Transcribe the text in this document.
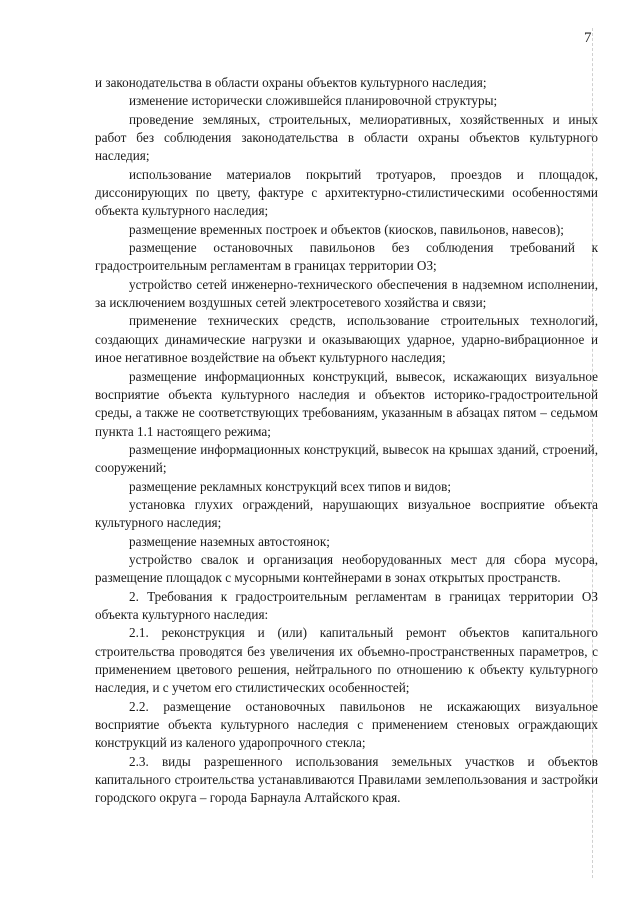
7

и законодательства в области охраны объектов культурного наследия;

изменение исторически сложившейся планировочной структуры;

проведение земляных, строительных, мелиоративных, хозяйственных и иных работ без соблюдения законодательства в области охраны объектов культурного наследия;

использование материалов покрытий тротуаров, проездов и площадок, диссонирующих по цвету, фактуре с архитектурно-стилистическими особенностями объекта культурного наследия;

размещение временных построек и объектов (киосков, павильонов, навесов);

размещение остановочных павильонов без соблюдения требований к градостроительным регламентам в границах территории ОЗ;

устройство сетей инженерно-технического обеспечения в надземном исполнении, за исключением воздушных сетей электросетевого хозяйства и связи;

применение технических средств, использование строительных технологий, создающих динамические нагрузки и оказывающих ударное, ударно-вибрационное и иное негативное воздействие на объект культурного наследия;

размещение информационных конструкций, вывесок, искажающих визуальное восприятие объекта культурного наследия и объектов историко-градостроительной среды, а также не соответствующих требованиям, указанным в абзацах пятом – седьмом пункта 1.1 настоящего режима;

размещение информационных конструкций, вывесок на крышах зданий, строений, сооружений;

размещение рекламных конструкций всех типов и видов;

установка глухих ограждений, нарушающих визуальное восприятие объекта культурного наследия;

размещение наземных автостоянок;

устройство свалок и организация необорудованных мест для сбора мусора, размещение площадок с мусорными контейнерами в зонах открытых пространств.

2. Требования к градостроительным регламентам в границах территории ОЗ объекта культурного наследия:

2.1. реконструкция и (или) капитальный ремонт объектов капитального строительства проводятся без увеличения их объемно-пространственных параметров, с применением цветового решения, нейтрального по отношению к объекту культурного наследия, и с учетом его стилистических особенностей;

2.2. размещение остановочных павильонов не искажающих визуальное восприятие объекта культурного наследия с применением стеновых ограждающих конструкций из каленого ударопрочного стекла;

2.3. виды разрешенного использования земельных участков и объектов капитального строительства устанавливаются Правилами землепользования и застройки городского округа – города Барнаула Алтайского края.
